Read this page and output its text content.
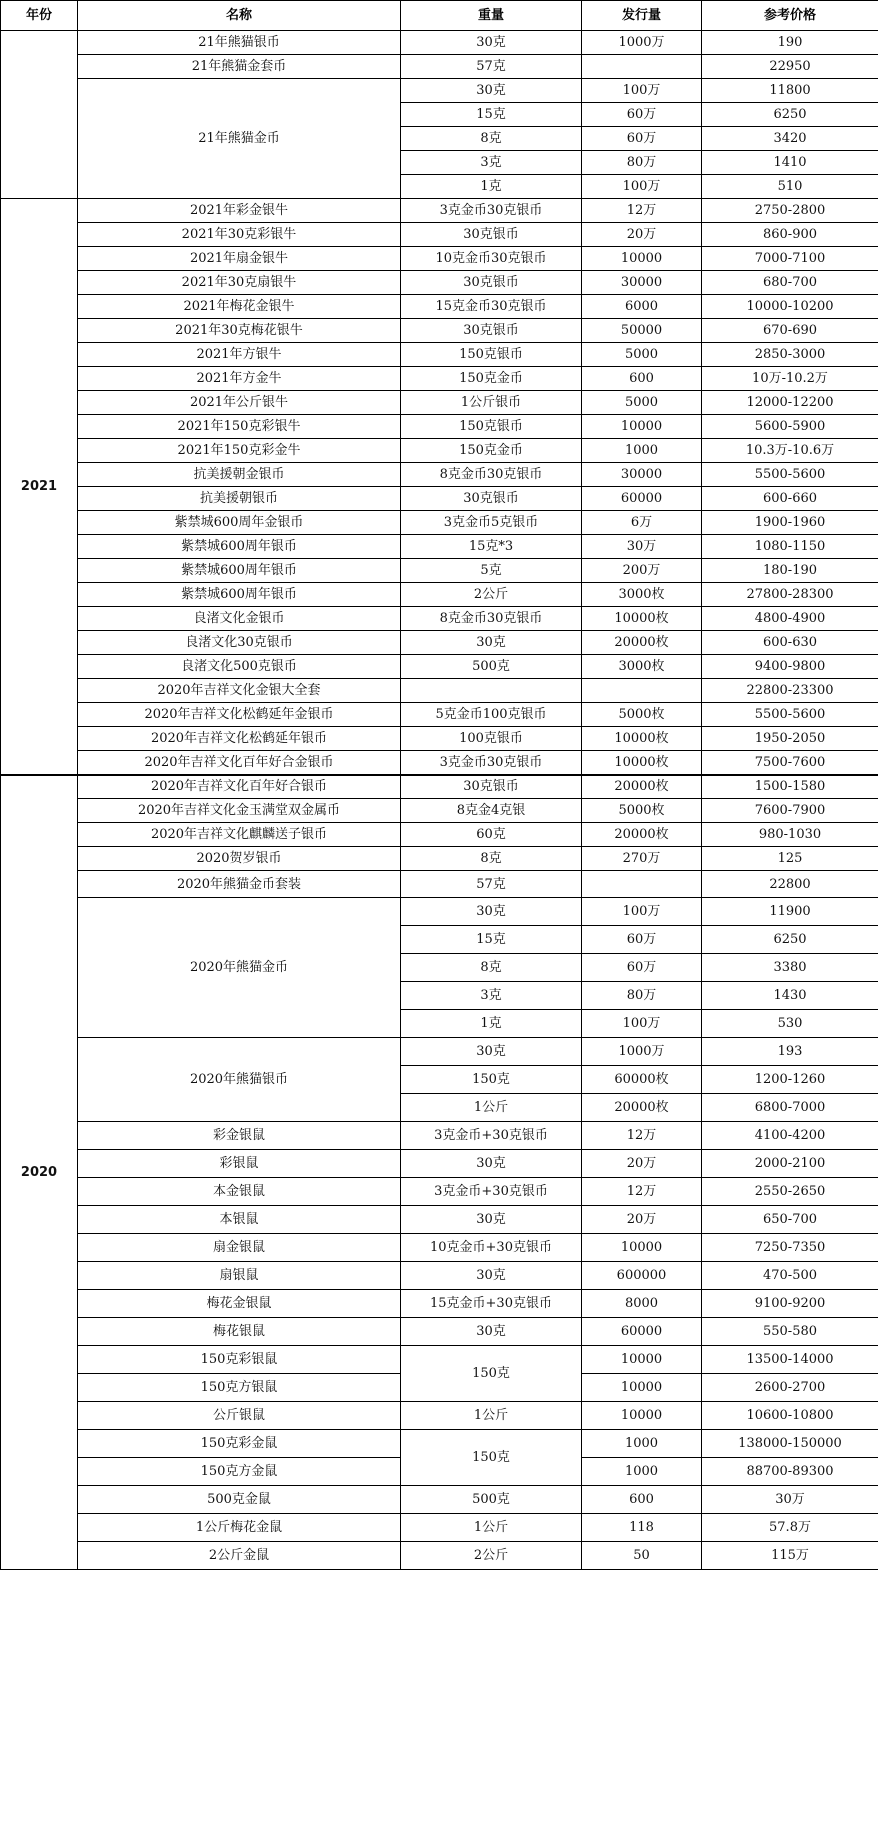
年份	名称	重量	发行量	参考价格
	21年熊猫银币	30克	1000万	190
	21年熊猫金套币	57克		22950
	21年熊猫金币	30克	100万	11800
		15克	60万	6250
		8克	60万	3420
		3克	80万	1410
		1克	100万	510
2021	2021年彩金银牛	3克金币30克银币	12万	2750-2800
	2021年30克彩银牛	30克银币	20万	860-900
	2021年扇金银牛	10克金币30克银币	10000	7000-7100
	2021年30克扇银牛	30克银币	30000	680-700
	2021年梅花金银牛	15克金币30克银币	6000	10000-10200
	2021年30克梅花银牛	30克银币	50000	670-690
	2021年方银牛	150克银币	5000	2850-3000
	2021年方金牛	150克金币	600	10万-10.2万
	2021年公斤银牛	1公斤银币	5000	12000-12200
	2021年150克彩银牛	150克银币	10000	5600-5900
	2021年150克彩金牛	150克金币	1000	10.3万-10.6万
	抗美援朝金银币	8克金币30克银币	30000	5500-5600
	抗美援朝银币	30克银币	60000	600-660
	紫禁城600周年金银币	3克金币5克银币	6万	1900-1960
	紫禁城600周年银币	15克*3	30万	1080-1150
	紫禁城600周年银币	5克	200万	180-190
	紫禁城600周年银币	2公斤	3000枚	27800-28300
	良渚文化金银币	8克金币30克银币	10000枚	4800-4900
	良渚文化30克银币	30克	20000枚	600-630
	良渚文化500克银币	500克	3000枚	9400-9800
	2020年吉祥文化金银大全套			22800-23300
	2020年吉祥文化松鹤延年金银币	5克金币100克银币	5000枚	5500-5600
	2020年吉祥文化松鹤延年银币	100克银币	10000枚	1950-2050
	2020年吉祥文化百年好合金银币	3克金币30克银币	10000枚	7500-7600
2020	2020年吉祥文化百年好合银币	30克银币	20000枚	1500-1580
	2020年吉祥文化金玉满堂双金属币	8克金4克银	5000枚	7600-7900
	2020年吉祥文化麒麟送子银币	60克	20000枚	980-1030
	2020贺岁银币	8克	270万	125
	2020年熊猫金币套装	57克		22800
	2020年熊猫金币	30克	100万	11900
		15克	60万	6250
		8克	60万	3380
		3克	80万	1430
		1克	100万	530
	2020年熊猫银币	30克	1000万	193
		150克	60000枚	1200-1260
		1公斤	20000枚	6800-7000
	彩金银鼠	3克金币+30克银币	12万	4100-4200
	彩银鼠	30克	20万	2000-2100
	本金银鼠	3克金币+30克银币	12万	2550-2650
	本银鼠	30克	20万	650-700
	扇金银鼠	10克金币+30克银币	10000	7250-7350
	扇银鼠	30克	600000	470-500
	梅花金银鼠	15克金币+30克银币	8000	9100-9200
	梅花银鼠	30克	60000	550-580
	150克彩银鼠	150克	10000	13500-14000
	150克方银鼠		10000	2600-2700
	公斤银鼠	1公斤	10000	10600-10800
	150克彩金鼠	150克	1000	138000-150000
	150克方金鼠		1000	88700-89300
	500克金鼠	500克	600	30万
	1公斤梅花金鼠	1公斤	118	57.8万
	2公斤金鼠	2公斤	50	115万
